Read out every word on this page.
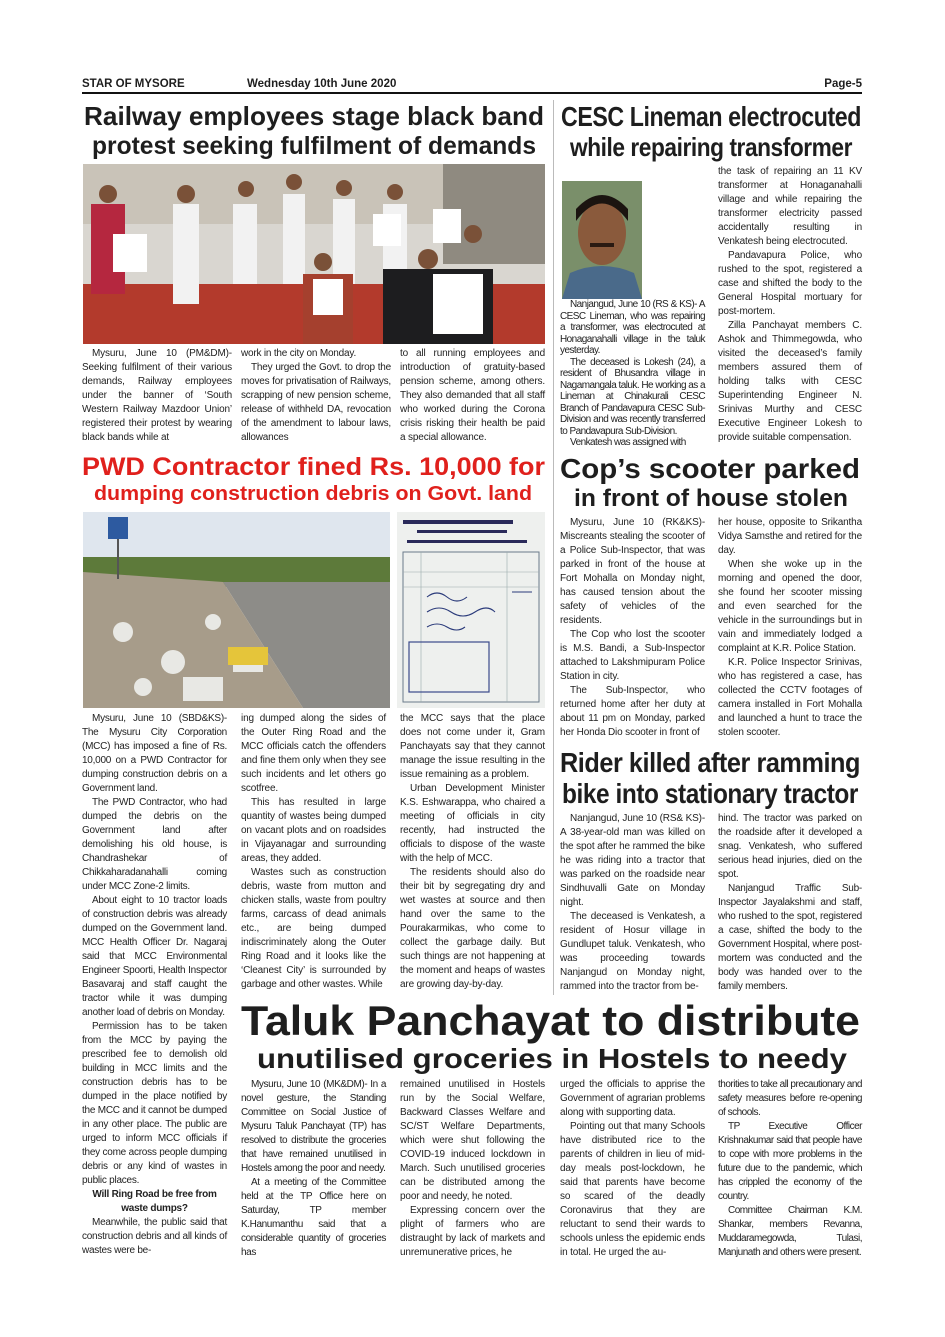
STAR OF MYSORE	Wednesday 10th June 2020	Page-5
Railway employees stage black band
protest seeking fulfilment of demands

Mysuru, June 10 (PM&DM)- Seeking fulfilment of their various demands, Railway employees under the banner of ‘South Western Railway Mazdoor Union’ registered their protest by wearing black bands while at

work in the city on Monday.

They urged the Govt. to drop the moves for privatisation of Railways, scrapping of new pension scheme, release of withheld DA, revocation of the amendment to labour laws, allowances

to all running employees and introduction of gratuity-based pension scheme, among others. They also demanded that all staff who worked during the Corona crisis risking their health be paid a special allowance.

CESC Lineman electrocuted
while repairing transformer

Nanjangud, June 10 (RS & KS)- A CESC Lineman, who was repairing a transformer, was electrocuted at Honaganahalli village in the taluk yesterday.

The deceased is Lokesh (24), a resident of Bhusandra village in Nagamangala taluk. He working as a Lineman at Chinakurali CESC Branch of Pandavapura CESC Sub-Division and was recently transferred to Pandavapura Sub-Division.

Venkatesh was assigned with

the task of repairing an 11 KV transformer at Honaganahalli village and while repairing the transformer electricity passed accidentally resulting in Venkatesh being electrocuted.

Pandavapura Police, who rushed to the spot, registered a case and shifted the body to the General Hospital mortuary for post-mortem.

Zilla Panchayat members C. Ashok and Thimmegowda, who visited the deceased’s family members assured them of holding talks with CESC Superintending Engineer N. Srinivas Murthy and CESC Executive Engineer Lokesh to provide suitable compensation.

PWD Contractor fined Rs. 10,000 for
dumping construction debris on Govt. land

Mysuru, June 10 (SBD&KS)- The Mysuru City Corporation (MCC) has imposed a fine of Rs. 10,000 on a PWD Contractor for dumping construction debris on a Government land.

The PWD Contractor, who had dumped the debris on the Government land after demolishing his old house, is Chandrashekar of Chikkaharadanahalli coming under MCC Zone-2 limits.

About eight to 10 tractor loads of construction debris was already dumped on the Government land. MCC Health Officer Dr. Nagaraj said that MCC Environmental Engineer Spoorti, Health Inspector Basavaraj and staff caught the tractor while it was dumping another load of debris on Monday.

Permission has to be taken from the MCC by paying the prescribed fee to demolish old building in MCC limits and the construction debris has to be dumped in the place notified by the MCC and it cannot be dumped in any other place. The public are urged to inform MCC officials if they come across people dumping debris or any kind of wastes in public places.

Will Ring Road be free from waste dumps?

Meanwhile, the public said that construction debris and all kinds of wastes were be-

ing dumped along the sides of the Outer Ring Road and the MCC officials catch the offenders and fine them only when they see such incidents and let others go scotfree.

This has resulted in large quantity of wastes being dumped on vacant plots and on roadsides in Vijayanagar and surrounding areas, they added.

Wastes such as construction debris, waste from mutton and chicken stalls, waste from poultry farms, carcass of dead animals etc., are being dumped indiscriminately along the Outer Ring Road and it looks like the ‘Cleanest City’ is surrounded by garbage and other wastes. While

the MCC says that the place does not come under it, Gram Panchayats say that they cannot manage the issue resulting in the issue remaining as a problem.

Urban Development Minister K.S. Eshwarappa, who chaired a meeting of officials in city recently, had instructed the officials to dispose of the waste with the help of MCC.

The residents should also do their bit by segregating dry and wet wastes at source and then hand over the same to the Pourakarmikas, who come to collect the garbage daily. But such things are not happening at the moment and heaps of wastes are growing day-by-day.

Cop’s scooter parked
in front of house stolen

Mysuru, June 10 (RK&KS)- Miscreants stealing the scooter of a Police Sub-Inspector, that was parked in front of the house at Fort Mohalla on Monday night, has caused tension about the safety of vehicles of the residents.

The Cop who lost the scooter is M.S. Bandi, a Sub-Inspector attached to Lakshmipuram Police Station in city.

The Sub-Inspector, who returned home after her duty at about 11 pm on Monday, parked her Honda Dio scooter in front of

her house, opposite to Srikantha Vidya Samsthe and retired for the day.

When she woke up in the morning and opened the door, she found her scooter missing and even searched for the vehicle in the surroundings but in vain and immediately lodged a complaint at K.R. Police Station.

K.R. Police Inspector Srinivas, who has registered a case, has collected the CCTV footages of camera installed in Fort Mohalla and launched a hunt to trace the stolen scooter.

Rider killed after ramming
bike into stationary tractor

Nanjangud, June 10 (RS& KS)- A 38-year-old man was killed on the spot after he rammed the bike he was riding into a tractor that was parked on the roadside near Sindhuvalli Gate on Monday night.

The deceased is Venkatesh, a resident of Hosur village in Gundlupet taluk. Venkatesh, who was proceeding towards Nanjangud on Monday night, rammed into the tractor from be-

hind. The tractor was parked on the roadside after it developed a snag. Venkatesh, who suffered serious head injuries, died on the spot.

Nanjangud Traffic Sub-Inspector Jayalakshmi and staff, who rushed to the spot, registered a case, shifted the body to the Government Hospital, where post-mortem was conducted and the body was handed over to the family members.

Taluk Panchayat to distribute
unutilised groceries in Hostels to needy

Mysuru, June 10 (MK&DM)- In a novel gesture, the Standing Committee on Social Justice of Mysuru Taluk Panchayat (TP) has resolved to distribute the groceries that have remained unutilised in Hostels among the poor and needy.

At a meeting of the Committee held at the TP Office here on Saturday, TP member K.Hanumanthu said that a considerable quantity of groceries has

remained unutilised in Hostels run by the Social Welfare, Backward Classes Welfare and SC/ST Welfare Departments, which were shut following the COVID-19 induced lockdown in March. Such unutilised groceries can be distributed among the poor and needy, he noted.

Expressing concern over the plight of farmers who are distraught by lack of markets and unremunerative prices, he

urged the officials to apprise the Government of agrarian problems along with supporting data.

Pointing out that many Schools have distributed rice to the parents of children in lieu of mid-day meals post-lockdown, he said that parents have become so scared of the deadly Coronavirus that they are reluctant to send their wards to schools unless the epidemic ends in total. He urged the au-

thorities to take all precautionary and safety measures before re-opening of schools.

TP Executive Officer Krishnakumar said that people have to cope with more problems in the future due to the pandemic, which has crippled the economy of the country.

Committee Chairman K.M. Shankar, members Revanna, Muddaramegowda, Tulasi, Manjunath and others were present.
